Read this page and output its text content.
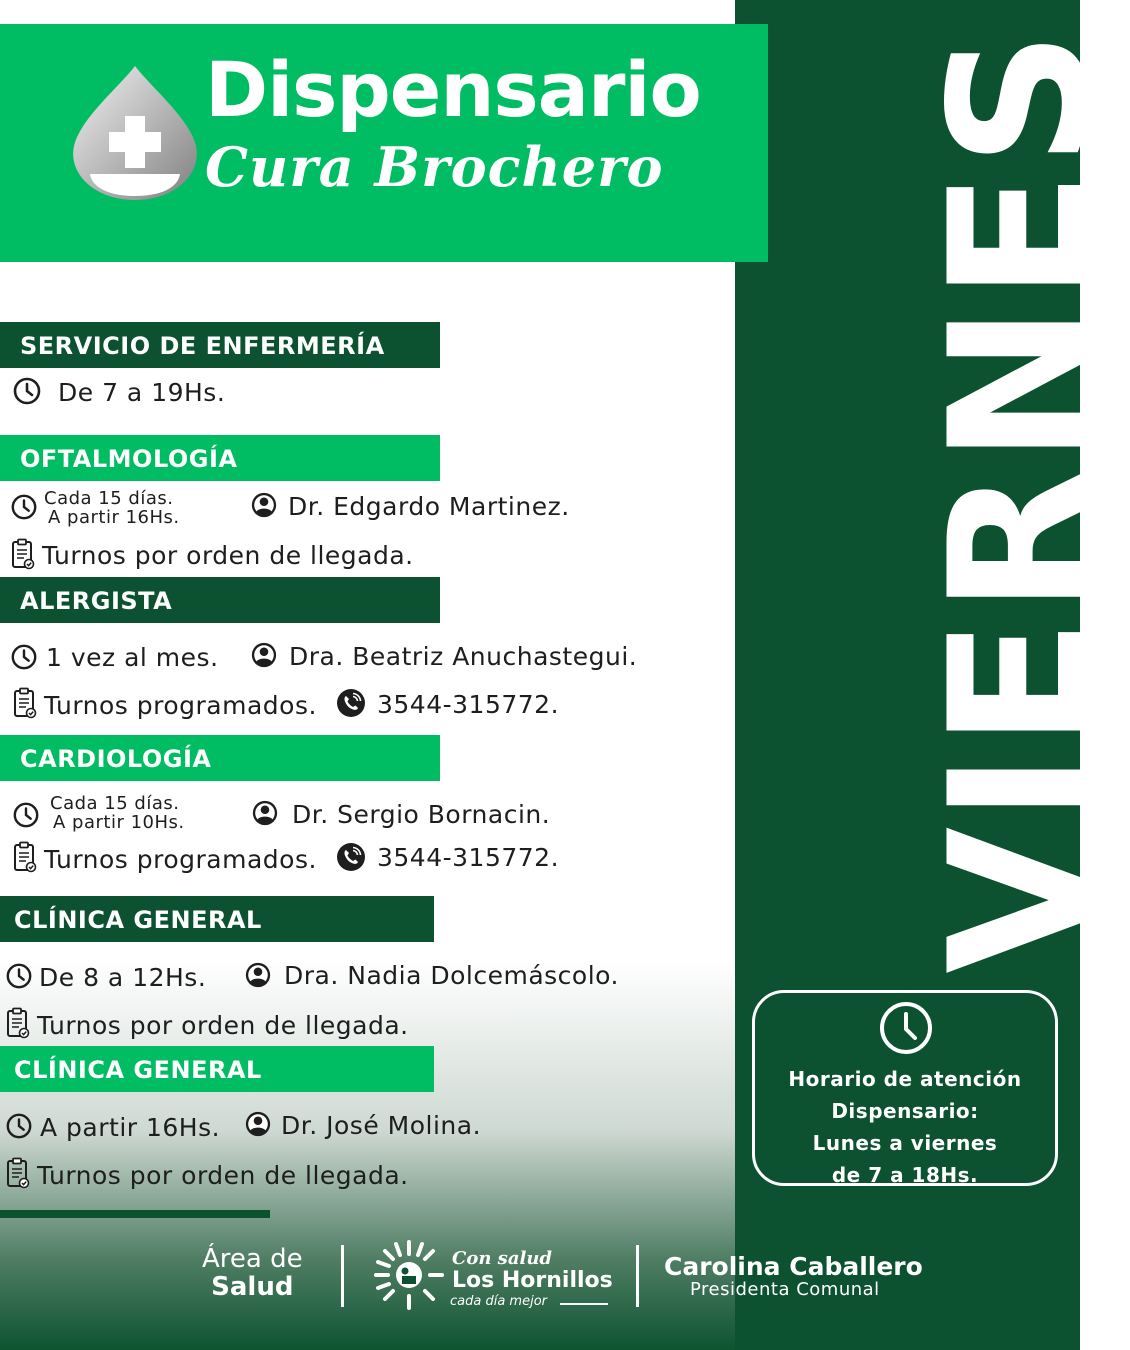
Dispensario
Cura Brochero VIERNES
Horario de atención
Dispensario:
Lunes a viernes
de 7 a 18Hs.
SERVICIO DE ENFERMERÍA
De 7 a 19Hs.
OFTALMOLOGÍA
Cada 15 días.
A partir 16Hs.	Dr. Edgardo Martinez.
Turnos por orden de llegada.
ALERGISTA
1 vez al mes.	Dra. Beatriz Anuchastegui.
Turnos programados. 3544-315772.
CARDIOLOGÍA
Cada 15 días.
A partir 10Hs.	Dr. Sergio Bornacin.
Turnos programados. 3544-315772.
CLÍNICA GENERAL
De 8 a 12Hs.	Dra. Nadia Dolcemáscolo.
Turnos por orden de llegada.
CLÍNICA GENERAL
A partir 16Hs. Dr. José Molina.
Turnos por orden de llegada.
Área de
Salud
Con salud
Los Hornillos
cada día mejor
Carolina Caballero
Presidenta Comunal
